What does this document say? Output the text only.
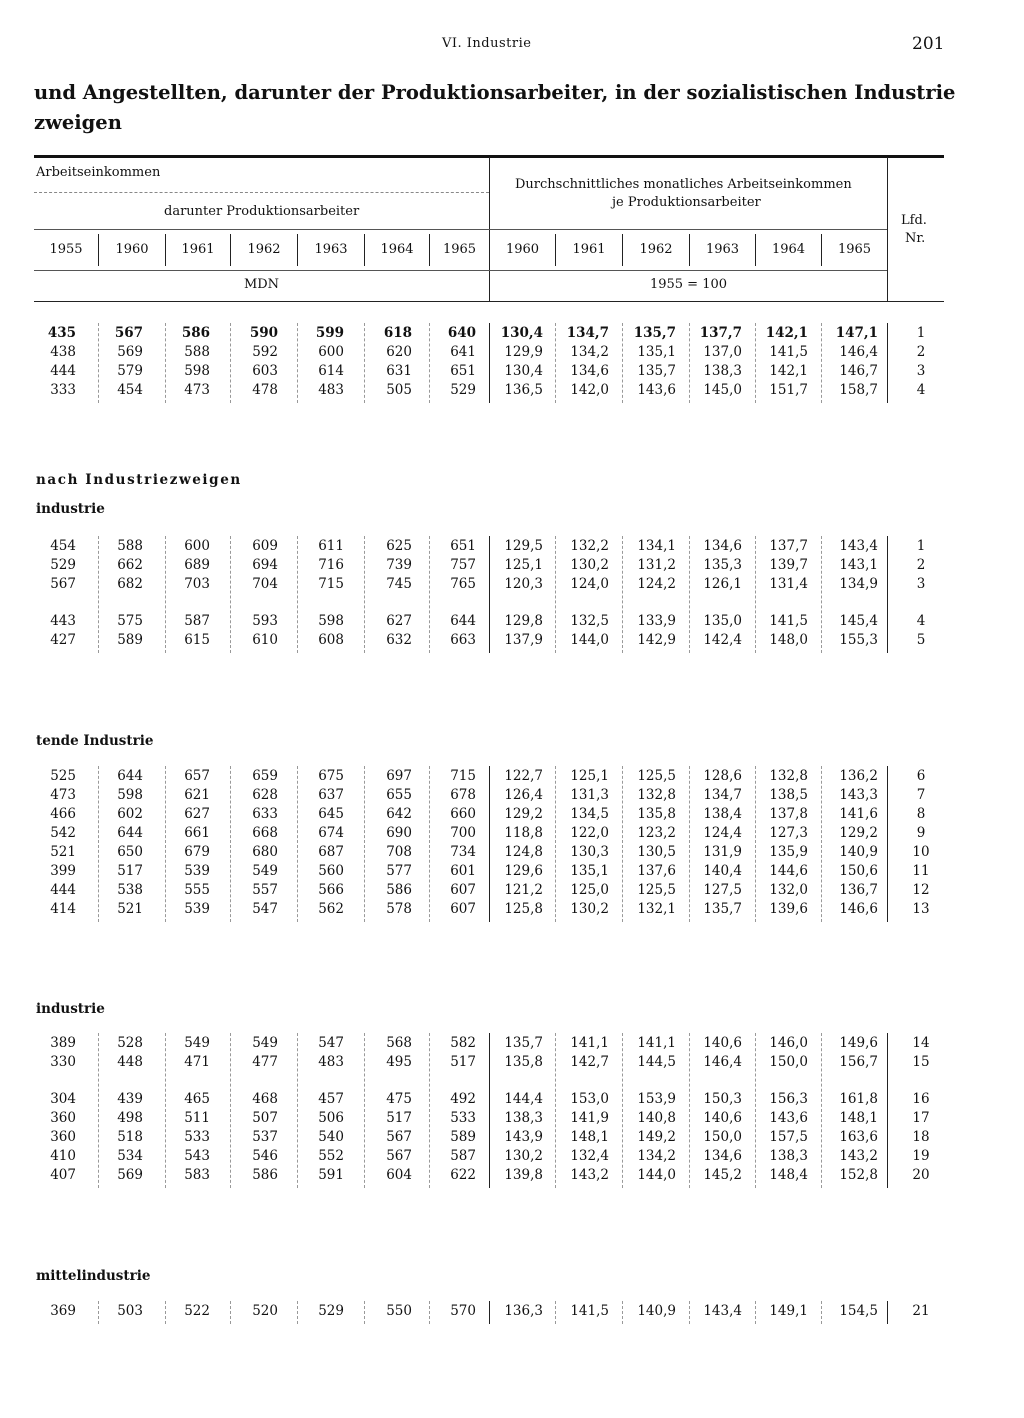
VI. Industrie	201
und Angestellten, darunter der Produktionsarbeiter, in der sozialistischen Industrie
zweigen
Arbeitseinkommen
darunter Produktionsarbeiter
Durchschnittliches monatliches Arbeitseinkommen
je Produktionsarbeiter
Lfd.
Nr.
1955	1960	1961	1962	1963	1964	1965	1960	1961	1962	1963	1964	1965
MDN	1955 = 100
nach Industriezweigen
industrie
tende Industrie
industrie
mittelindustrie
435	567	586	590	599	618	640	130,4	134,7	135,7	137,7	142,1	147,1	1
438	569	588	592	600	620	641	129,9	134,2	135,1	137,0	141,5	146,4	2
444	579	598	603	614	631	651	130,4	134,6	135,7	138,3	142,1	146,7	3
333	454	473	478	483	505	529	136,5	142,0	143,6	145,0	151,7	158,7	4
454	588	600	609	611	625	651	129,5	132,2	134,1	134,6	137,7	143,4	1
529	662	689	694	716	739	757	125,1	130,2	131,2	135,3	139,7	143,1	2
567	682	703	704	715	745	765	120,3	124,0	124,2	126,1	131,4	134,9	3
443	575	587	593	598	627	644	129,8	132,5	133,9	135,0	141,5	145,4	4
427	589	615	610	608	632	663	137,9	144,0	142,9	142,4	148,0	155,3	5
525	644	657	659	675	697	715	122,7	125,1	125,5	128,6	132,8	136,2	6
473	598	621	628	637	655	678	126,4	131,3	132,8	134,7	138,5	143,3	7
466	602	627	633	645	642	660	129,2	134,5	135,8	138,4	137,8	141,6	8
542	644	661	668	674	690	700	118,8	122,0	123,2	124,4	127,3	129,2	9
521	650	679	680	687	708	734	124,8	130,3	130,5	131,9	135,9	140,9	10
399	517	539	549	560	577	601	129,6	135,1	137,6	140,4	144,6	150,6	11
444	538	555	557	566	586	607	121,2	125,0	125,5	127,5	132,0	136,7	12
414	521	539	547	562	578	607	125,8	130,2	132,1	135,7	139,6	146,6	13
389	528	549	549	547	568	582	135,7	141,1	141,1	140,6	146,0	149,6	14
330	448	471	477	483	495	517	135,8	142,7	144,5	146,4	150,0	156,7	15
304	439	465	468	457	475	492	144,4	153,0	153,9	150,3	156,3	161,8	16
360	498	511	507	506	517	533	138,3	141,9	140,8	140,6	143,6	148,1	17
360	518	533	537	540	567	589	143,9	148,1	149,2	150,0	157,5	163,6	18
410	534	543	546	552	567	587	130,2	132,4	134,2	134,6	138,3	143,2	19
407	569	583	586	591	604	622	139,8	143,2	144,0	145,2	148,4	152,8	20
369	503	522	520	529	550	570	136,3	141,5	140,9	143,4	149,1	154,5	21
